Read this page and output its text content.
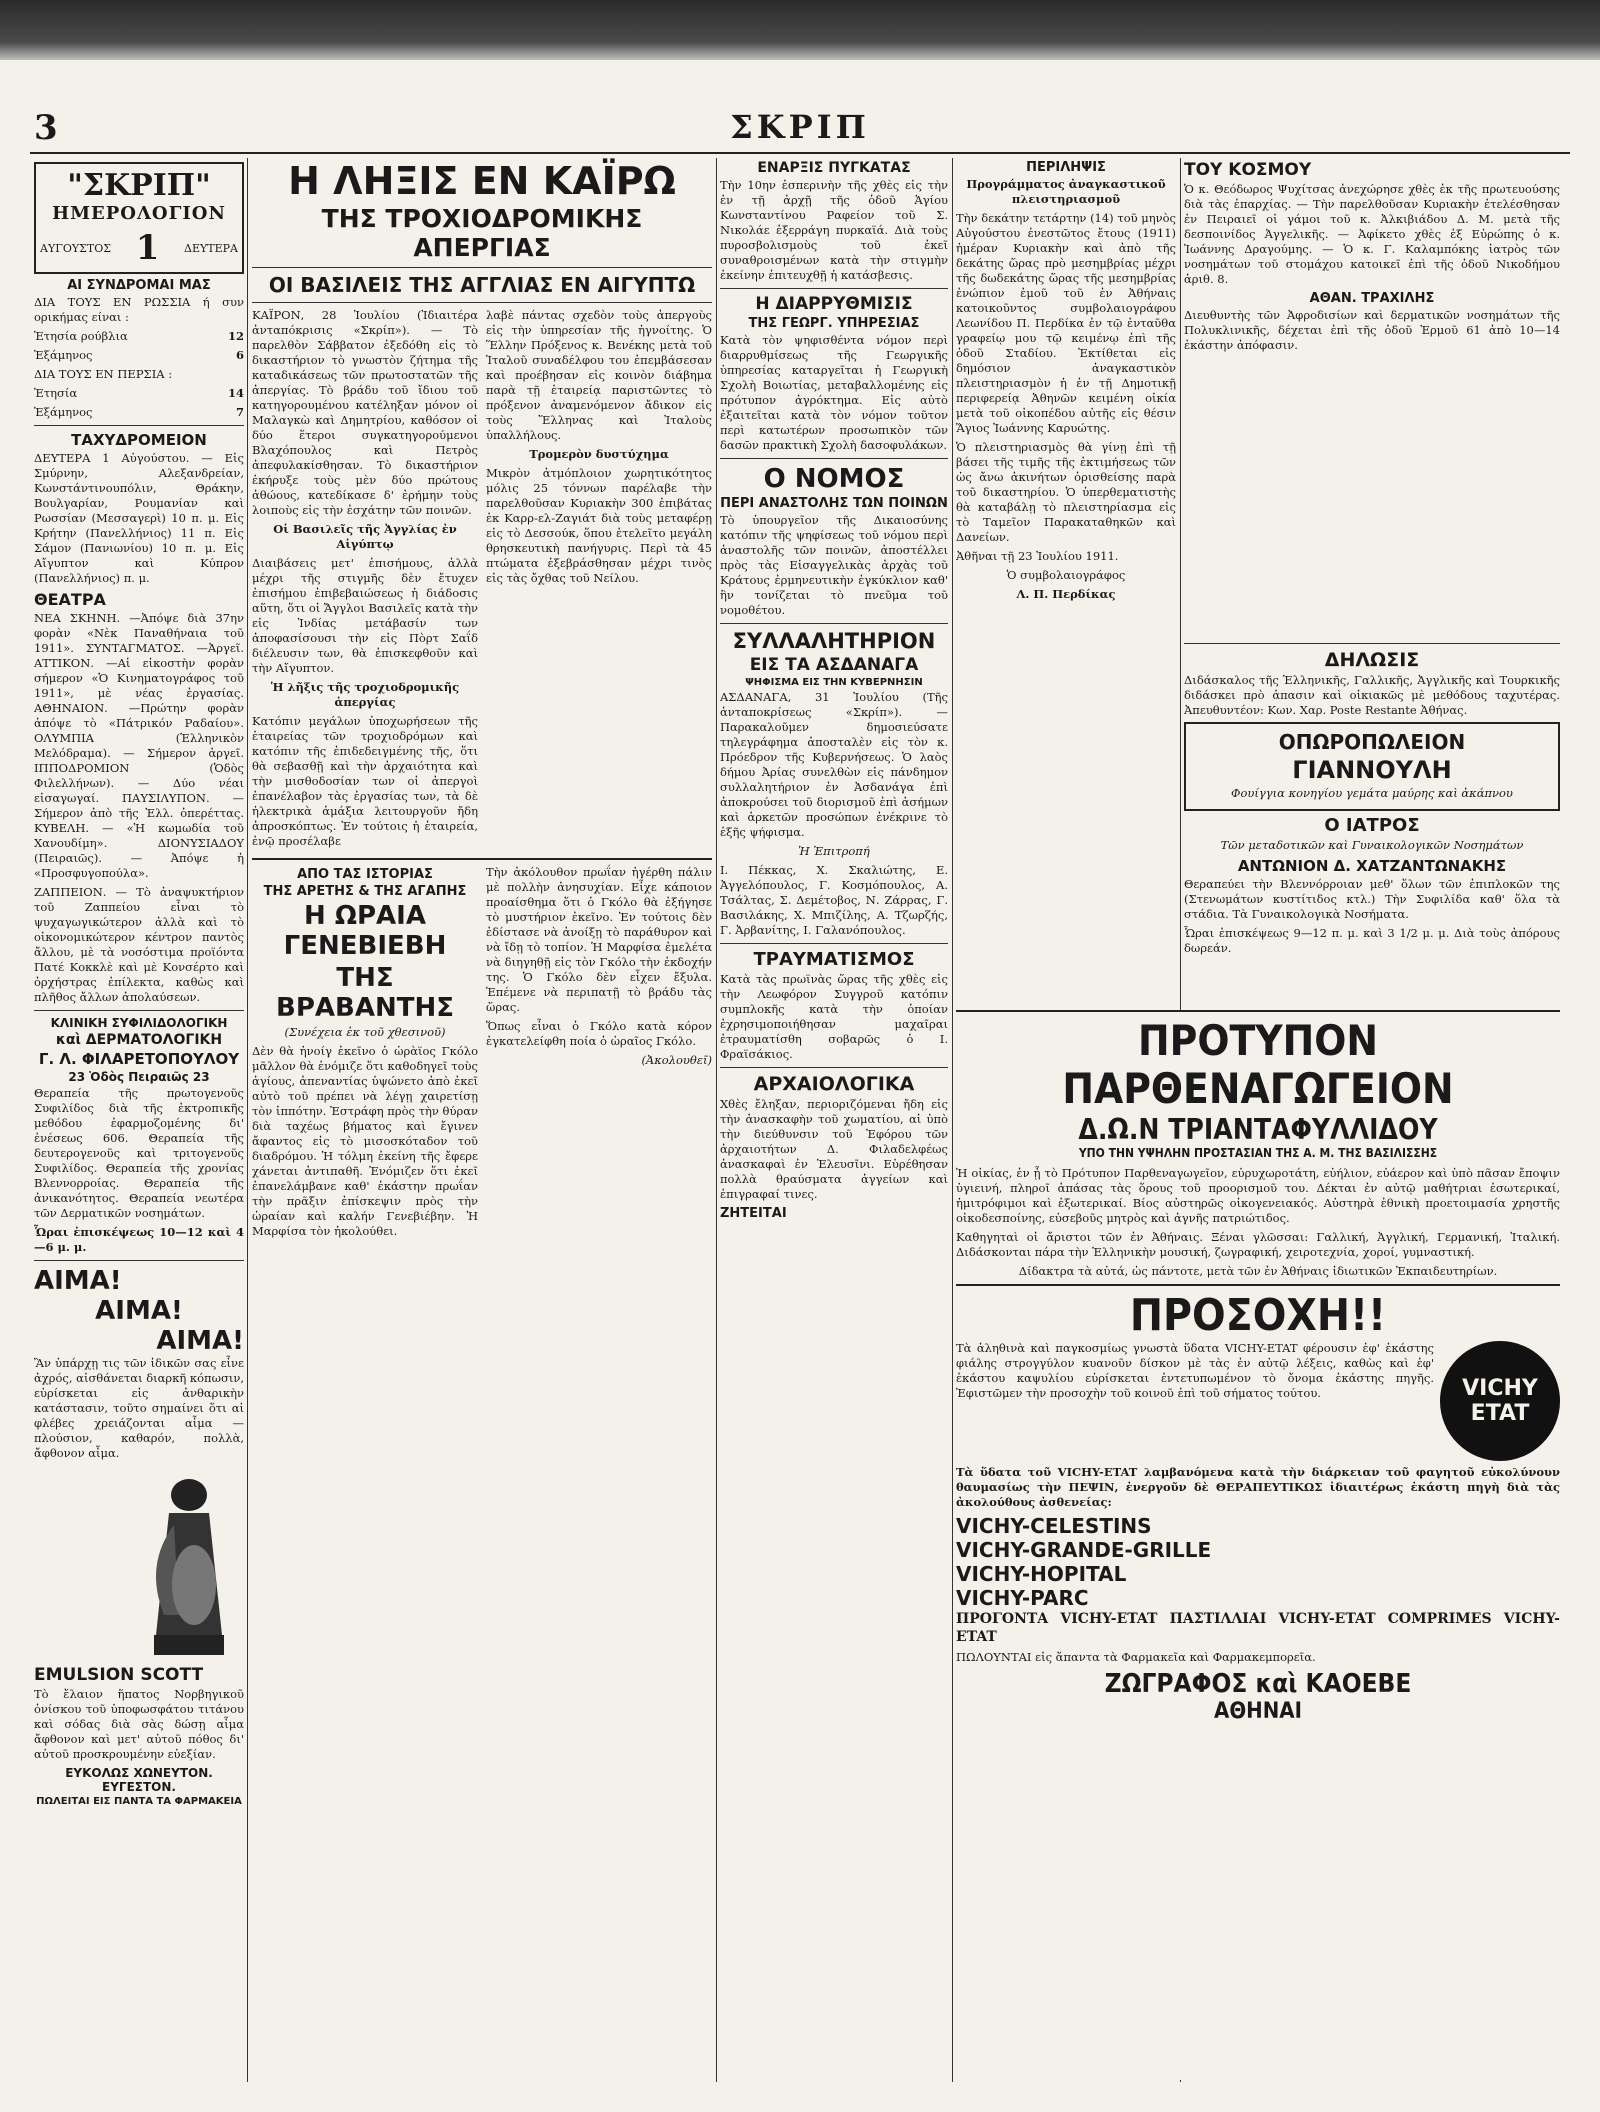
3	ΣΚΡΙΠ
"ΣΚΡΙΠ"
ΗΜΕΡΟΛΟΓΙΟΝ
ΑΥΓΟΥΣΤΟΣ 1 ΔΕΥΤΕΡΑ
ΑΙ ΣΥΝΔΡΟΜΑΙ ΜΑΣ

ΔΙΑ ΤΟΥΣ ΕΝ ΡΩΣΣΙΑ ή συν ορικήμας είναι :

Ἐτησία ρούβλια	12
Ἑξάμηνος	6

ΔΙΑ ΤΟΥΣ ΕΝ ΠΕΡΣΙΑ :

Ἐτησία	14
Ἑξάμηνος	7
ΤΑΧΥΔΡΟΜΕΙΟΝ

ΔΕΥΤΕΡΑ 1 Αὐγούστου. — Εἰς Σμύρνην, Αλεξανδρείαν, Κωνστάντινουπόλιν, Θράκην, Βουλγαρίαν, Ρουμανίαν καὶ Ρωσσίαν (Μεσσαγερὶ) 10 π. μ. Εἰς Κρήτην (Πανελλήνιος) 11 π. Εἰς Σάμον (Πανιωνίου) 10 π. μ. Εἰς Αἴγυπτον καὶ Κύπρον (Πανελλήνιος) π. μ.

ΘΕΑΤΡΑ

ΝΕΑ ΣΚΗΝΗ. —Ἀπόψε διὰ 37ην φορὰν «Νὲκ Παναθήναια τοῦ 1911». ΣΥΝΤΑΓΜΑΤΟΣ. —Ἀργεῖ. ΑΤΤΙΚΟΝ. —Αἱ εἰκοστὴν φορὰν σήμερον «Ὁ Κινηματογράφος τοῦ 1911», μὲ νέας ἐργασίας. ΑΘΗΝΑΙΟΝ. —Πρώτην φορὰν ἀπόψε τὸ «Πάτρικόν Ραδαίου». ΟΛΥΜΠΙΑ (Ἑλληνικὸν Μελόδραμα). — Σήμερον ἀργεῖ. ΙΠΠΟΔΡΟΜΙΟΝ (Ὁδὸς Φιλελλήνων). — Δύο νέαι εἰσαγωγαί. ΠΑΥΣΙΛΥΠΟΝ. —Σήμερον ἀπὸ τῆς Ἑλλ. ὀπερέττας. ΚΥΒΕΛΗ. — «Ἡ κωμωδία τοῦ Χανουδίμη». ΔΙΟΝΥΣΙΑΔΟΥ (Πειραιῶς). — Ἀπόψε ἡ «Προσφυγοπούλα».

ΖΑΠΠΕΙΟΝ. — Τὸ ἀναψυκτήριον τοῦ Ζαππείου εἶναι τὸ ψυχαγωγικώτερον ἀλλὰ καὶ τὸ οἰκονομικώτερον κέντρον παντὸς ἄλλου, μὲ τὰ νοσόστιμα προϊόντα Πατέ Κοκκλὲ καὶ μὲ Κονσέρτο καὶ ὀρχήστρας ἐπίλεκτα, καθὼς καὶ πλῆθος ἄλλων ἀπολαύσεων.

ΚΛΙΝΙΚΗ ΣΥΦΙΛΙΔΟΛΟΓΙΚΗ
καὶ ΔΕΡΜΑΤΟΛΟΓΙΚΗ
Γ. Λ. ΦΙΛΑΡΕΤΟΠΟΥΛΟΥ
23 Ὁδὸς Πειραιῶς 23

Θεραπεία τῆς πρωτογενοῦς Συφιλίδος διὰ τῆς ἐκτροπικῆς μεθόδου ἐφαρμοζομένης δι' ἐνέσεως 606. Θεραπεία τῆς δευτερογενοῦς καὶ τριτογενοῦς Συφιλίδος. Θεραπεία τῆς χρονίας Βλεννορροίας. Θεραπεία τῆς ἀνικανότητος. Θεραπεία νεωτέρα τῶν Δερματικῶν νοσημάτων.

Ὧραι ἐπισκέψεως 10—12 καὶ 4—6 μ. μ.

ΑΙΜΑ!
ΑΙΜΑ!
ΑΙΜΑ!

Ἂν ὑπάρχῃ τις τῶν ἰδικῶν σας εἶνε ἀχρός, αἰσθάνεται διαρκῆ κόπωσιν, εὑρίσκεται εἰς ἀνθαρικὴν κατάστασιν, τοῦτο σημαίνει ὅτι αἱ φλέβες χρειάζονται αἷμα — πλούσιον, καθαρόν, πολλὰ, ἄφθονον αἷμα.

EMULSION SCOTT

Τὸ ἔλαιον ἥπατος Νορβηγικοῦ ὀνίσκου τοῦ ὑποφωσφάτου τιτάνου καὶ σόδας διὰ σὰς δώσῃ αἷμα ἄφθονον καὶ μετ' αὐτοῦ πόθος δι' αὐτοῦ προσκρουμένην εὐεξίαν.

ΕΥΚΟΛΩΣ ΧΩΝΕΥΤΟΝ. ΕΥΓΕΣΤΟΝ.
ΠΩΛΕΙΤΑΙ ΕΙΣ ΠΑΝΤΑ ΤΑ ΦΑΡΜΑΚΕΙΑ
Η ΛΗΞΙΣ ΕΝ ΚΑΪΡΩ
ΤΗΣ ΤΡΟΧΙΟΔΡΟΜΙΚΗΣ ΑΠΕΡΓΙΑΣ
ΟΙ ΒΑΣΙΛΕΙΣ ΤΗΣ ΑΓΓΛΙΑΣ ΕΝ ΑΙΓΥΠΤΩ

ΚΑΪΡΟΝ, 28 Ἰουλίου (Ἰδιαιτέρα ἀνταπόκρισις «Σκρίπ»). — Τὸ παρελθὸν Σάββατον ἐξεδόθη εἰς τὸ δικαστήριον τὸ γνωστὸν ζήτημα τῆς καταδικάσεως τῶν πρωτοστατῶν τῆς ἀπεργίας. Τὸ βράδυ τοῦ ἴδιου τοῦ κατηγορουμένου κατέληξαν μόνον οἱ Μαλαγκὼ καὶ Δημητρίου, καθόσον οἱ δύο ἕτεροι συγκατηγορούμενοι Βλαχόπουλος καὶ Πετρὸς ἀπεφυλακίσθησαν. Τὸ δικαστήριον ἐκήρυξε τοὺς μὲν δύο πρώτους ἀθώους, κατεδίκασε δ' ἐρήμην τοὺς λοιποὺς εἰς τὴν ἐσχάτην τῶν ποινῶν.

Οἱ Βασιλεῖς τῆς Ἀγγλίας ἐν Αἰγύπτῳ

Διαιβάσεις μετ' ἐπισήμους, ἀλλὰ μέχρι τῆς στιγμῆς δὲν ἔτυχεν ἐπισήμου ἐπιβεβαιώσεως ἡ διάδοσις αὕτη, ὅτι οἱ Ἄγγλοι Βασιλεῖς κατὰ τὴν εἰς Ἰνδίας μετάβασίν των ἀποφασίσουσι τὴν εἰς Πὸρτ Σαΐδ διέλευσιν των, θὰ ἐπισκεφθοῦν καὶ τὴν Αἴγυπτον.

Ἡ λῆξις τῆς τροχιοδρομικῆς ἀπεργίας

Κατόπιν μεγάλων ὑποχωρήσεων τῆς ἑταιρείας τῶν τροχιοδρόμων καὶ κατόπιν τῆς ἐπιδεδειγμένης τῆς, ὅτι θὰ σεβασθῇ καὶ τὴν ἀρχαιότητα καὶ τὴν μισθοδοσίαν των οἱ ἀπεργοὶ ἐπανέλαβον τὰς ἐργασίας των, τὰ δὲ ἠλεκτρικὰ ἁμάξια λειτουργοῦν ἤδη ἀπροσκόπτως. Ἐν τούτοις ἡ ἑταιρεία, ἐνῷ προσέλαβε

λαβὲ πάντας σχεδὸν τοὺς ἀπεργοὺς εἰς τὴν ὑπηρεσίαν τῆς ἡγνοίτης. Ὁ Ἕλλην Πρόξενος κ. Βενέκης μετὰ τοῦ Ἰταλοῦ συναδέλφου του ἐπεμβάσεσαν καὶ προέβησαν εἰς κοινὸν διάβημα παρὰ τῇ ἑταιρείᾳ παριστῶντες τὸ πρόξενον ἀναμενόμενον ἄδικον εἰς τοὺς Ἕλληνας καὶ Ἰταλοὺς ὑπαλλήλους.

Τρομερὸν δυστύχημα

Μικρὸν ἀτμόπλοιον χωρητικότητος μόλις 25 τόννων παρέλαβε τὴν παρελθοῦσαν Κυριακὴν 300 ἐπιβάτας ἐκ Καρρ-ελ-Ζαγιάτ διὰ τοὺς μεταφέρῃ εἰς τὸ Δεσσούκ, ὅπου ἐτελεῖτο μεγάλη θρησκευτικὴ πανήγυρις. Περὶ τὰ 45 πτώματα ἐξεβράσθησαν μέχρι τινὸς εἰς τὰς ὄχθας τοῦ Νείλου.

ΑΠΟ ΤΑΣ ΙΣΤΟΡΙΑΣ
ΤΗΣ ΑΡΕΤΗΣ & ΤΗΣ ΑΓΑΠΗΣ
Η ΩΡΑΙΑ ΓΕΝΕΒΙΕΒΗ
ΤΗΣ ΒΡΑΒΑΝΤΗΣ

(Συνέχεια ἐκ τοῦ χθεσινοῦ)

Δὲν θὰ ἠνοίγ ἐκεῖνο ὁ ὠρὰϊος Γκόλο μᾶλλον θὰ ἐνόμιζε ὅτι καθοδηγεῖ τοὺς ἀγίους, ἀπεναντίας ὑψώνετο ἀπὸ ἐκεῖ αὐτὸ τοῦ πρέπει νὰ λέγῃ χαιρετίσῃ τὸν ἱππότην. Ἐστράφη πρὸς τὴν θύραν διὰ ταχέως βήματος καὶ ἔγινεν ἄφαντος εἰς τὸ μισοσκόταδον τοῦ διαδρόμου. Ἡ τόλμη ἐκείνη τῆς ἔφερε χάνεται ἀντιπαθῆ. Ἐνόμιζεν ὅτι ἐκεῖ ἐπανελάμβανε καθ' ἑκάστην πρωΐαν τὴν πρᾶξιν ἐπίσκεψιν πρὸς τὴν ὡραίαν καὶ καλήν Γενεβιέβην. Ἡ Μαρφίσα τὸν ἠκολούθει.

Τὴν ἀκόλουθον πρωΐαν ἠγέρθη πάλιν μὲ πολλὴν ἀνησυχίαν. Εἶχε κάποιον προαίσθημα ὅτι ὁ Γκόλο θὰ ἐξήγησε τὸ μυστήριον ἐκεῖνο. Ἐν τούτοις δὲν ἐδίστασε νὰ ἀνοίξῃ τὸ παράθυρον καὶ νὰ ἴδῃ τὸ τοπίον. Ἡ Μαρφίσα ἐμελέτα νὰ διηγηθῇ εἰς τὸν Γκόλο τὴν ἐκδοχήν της. Ὁ Γκόλο δὲν εἶχεν ἔξυλα. Ἐπέμενε νὰ περιπατῇ τὸ βράδυ τὰς ὥρας.

Ὅπως εἶναι ὁ Γκόλο κατὰ κόρον ἐγκατελείφθη ποία ὁ ὡραῖος Γκόλο.

(Ἀκολουθεῖ)

ΕΝΑΡΞΙΣ ΠΥΓΚΑΤΑΣ

Τὴν 10ην ἐσπερινὴν τῆς χθὲς εἰς τὴν ἐν τῇ ἀρχῇ τῆς ὁδοῦ Ἁγίου Κωνσταντίνου Ραφείον τοῦ Σ. Νικολάε ἐξερράγη πυρκαϊά. Διὰ τοὺς πυροσβολισμοὺς τοῦ ἐκεῖ συναθροισμένων κατὰ τὴν στιγμὴν ἐκείνην ἐπιτευχθῇ ἡ κατάσβεσις.

Η ΔΙΑΡΡΥΘΜΙΣΙΣ
ΤΗΣ ΓΕΩΡΓ. ΥΠΗΡΕΣΙΑΣ

Κατὰ τὸν ψηφισθέντα νόμον περὶ διαρρυθμίσεως τῆς Γεωργικῆς ὑπηρεσίας καταργεῖται ἡ Γεωργικὴ Σχολὴ Βοιωτίας, μεταβαλλομένης εἰς πρότυπον ἀγρόκτημα. Εἰς αὐτὸ ἐξαιτεῖται κατὰ τὸν νόμον τοῦτον περὶ κατωτέρων προσωπικὸν τῶν δασῶν πρακτικὴ Σχολὴ δασοφυλάκων.

Ο ΝΟΜΟΣ
ΠΕΡΙ ΑΝΑΣΤΟΛΗΣ ΤΩΝ ΠΟΙΝΩΝ

Τὸ ὑπουργεῖον τῆς Δικαιοσύνης κατόπιν τῆς ψηφίσεως τοῦ νόμου περὶ ἀναστολῆς τῶν ποινῶν, ἀποστέλλει πρὸς τὰς Εἰσαγγελικὰς ἀρχὰς τοῦ Κράτους ἐρμηνευτικὴν ἐγκύκλιον καθ' ἣν τονίζεται τὸ πνεῦμα τοῦ νομοθέτου.

ΣΥΛΛΑΛΗΤΗΡΙΟΝ
ΕΙΣ ΤΑ ΑΣΔΑΝΑΓΑ
ΨΗΦΙΣΜΑ ΕΙΣ ΤΗΝ ΚΥΒΕΡΝΗΣΙΝ

ΑΣΔΑΝΑΓΑ, 31 Ἰουλίου (Τῆς ἀνταποκρίσεως «Σκρίπ»). — Παρακαλοῦμεν δημοσιεύσατε τηλεγράφημα ἀποσταλὲν εἰς τὸν κ. Πρόεδρον τῆς Κυβερνήσεως. Ὁ λαὸς δήμου Ἀρίας συνελθὼν εἰς πάνδημον συλλαλητήριον ἐν Ἀσδανάγα ἐπὶ ἀποκρούσει τοῦ διορισμοῦ ἐπὶ ἀσήμων καὶ ἀρκετῶν προσώπων ἐνέκρινε τὸ ἑξῆς ψήφισμα.

Ἡ Ἐπιτροπή

Ι. Πέκκας, Χ. Σκαλιώτης, Ε. Ἀγγελόπουλος, Γ. Κοσμόπουλος, Α. Τσάλτας, Σ. Δεμέτοβος, Ν. Ζάρρας, Γ. Βασιλάκης, Χ. Μπιζίλης, Α. Τζωρζής, Γ. Ἀρβανίτης, Ι. Γαλανόπουλος.

ΤΡΑΥΜΑΤΙΣΜΟΣ

Κατὰ τὰς πρωϊνὰς ὥρας τῆς χθὲς εἰς τὴν Λεωφόρον Συγγροῦ κατόπιν συμπλοκῆς κατὰ τὴν ὁποίαν ἐχρησιμοποιήθησαν μαχαῖραι ἐτραυματίσθη σοβαρῶς ὁ Ι. Φραϊσάκιος.

ΑΡΧΑΙΟΛΟΓΙΚΑ

Χθὲς ἔληξαν, περιοριζόμεναι ἤδη εἰς τὴν ἀνασκαφὴν τοῦ χωματίου, αἱ ὑπὸ τὴν διεύθυνσιν τοῦ Ἐφόρου τῶν ἀρχαιοτήτων Δ. Φιλαδελφέως ἀνασκαφαὶ ἐν Ἐλευσῖνι. Εὑρέθησαν πολλὰ θραύσματα ἀγγείων καὶ ἐπιγραφαί τινες.

ΖΗΤΕΙΤΑΙ
ΠΕΡΙΛΗΨΙΣ
Προγράμματος ἀναγκαστικοῦ πλειστηριασμοῦ

Τὴν δεκάτην τετάρτην (14) τοῦ μηνὸς Αὐγούστου ἐνεστῶτος ἔτους (1911) ἡμέραν Κυριακὴν καὶ ἀπὸ τῆς δεκάτης ὥρας πρὸ μεσημβρίας μέχρι τῆς δωδεκάτης ὥρας τῆς μεσημβρίας ἐνώπιον ἐμοῦ τοῦ ἐν Ἀθήναις κατοικοῦντος συμβολαιογράφου Λεωνίδου Π. Περδίκα ἐν τῷ ἐνταῦθα γραφείῳ μου τῷ κειμένῳ ἐπὶ τῆς ὁδοῦ Σταδίου. Ἐκτίθεται εἰς δημόσιον ἀναγκαστικὸν πλειστηριασμὸν ἡ ἐν τῇ Δημοτικῇ περιφερείᾳ Ἀθηνῶν κειμένη οἰκία μετὰ τοῦ οἰκοπέδου αὐτῆς εἰς θέσιν Ἅγιος Ἰωάννης Καρυώτης.

Ὁ πλειστηριασμὸς θὰ γίνῃ ἐπὶ τῇ βάσει τῆς τιμῆς τῆς ἐκτιμήσεως τῶν ὡς ἄνω ἀκινήτων ὁρισθείσης παρὰ τοῦ δικαστηρίου. Ὁ ὑπερθεματιστὴς θὰ καταβάλῃ τὸ πλειστηρίασμα εἰς τὸ Ταμεῖον Παρακαταθηκῶν καὶ Δανείων.

Ἀθῆναι τῇ 23 Ἰουλίου 1911.

Ὁ συμβολαιογράφος

Λ. Π. Περδίκας

ΤΟΥ ΚΟΣΜΟΥ

Ὁ κ. Θεόδωρος Ψυχίτσας ἀνεχώρησε χθὲς ἐκ τῆς πρωτευούσης διὰ τὰς ἐπαρχίας. — Τὴν παρελθοῦσαν Κυριακὴν ἐτελέσθησαν ἐν Πειραιεῖ οἱ γάμοι τοῦ κ. Ἀλκιβιάδου Δ. Μ. μετὰ τῆς δεσποινίδος Ἀγγελικῆς. — Ἀφίκετο χθὲς ἐξ Εὐρώπης ὁ κ. Ἰωάννης Δραγούμης. — Ὁ κ. Γ. Καλαμπόκης ἰατρὸς τῶν νοσημάτων τοῦ στομάχου κατοικεῖ ἐπὶ τῆς ὁδοῦ Νικοδήμου ἀριθ. 8.

ΑΘΑΝ. ΤΡΑΧΙΛΗΣ

Διευθυντὴς τῶν Ἀφροδισίων καὶ δερματικῶν νοσημάτων τῆς Πολυκλινικῆς, δέχεται ἐπὶ τῆς ὁδοῦ Ἑρμοῦ 61 ἀπὸ 10—14 ἐκάστην ἀπόφασιν.

ΔΗΛΩΣΙΣ

Διδάσκαλος τῆς Ἑλληνικῆς, Γαλλικῆς, Ἀγγλικῆς καὶ Τουρκικῆς διδάσκει πρὸ ἀπασιν καὶ οἰκιακῶς μὲ μεθόδους ταχυτέρας. Ἀπευθυντέον: Κων. Χαρ. Poste Restante Ἀθήνας.

ΟΠΩΡΟΠΩΛΕΙΟΝ
ΓΙΑΝΝΟΥΛΗ
Φουίγγια κονηγίου γεμάτα μαύρης καὶ ἀκάπνου
Ο ΙΑΤΡΟΣ
Τῶν μεταδοτικῶν καὶ Γυναικολογικῶν Νοσημάτων
ΑΝΤΩΝΙΟΝ Δ. ΧΑΤΖΑΝΤΩΝΑΚΗΣ

Θεραπεύει τὴν Βλεννόρροιαν μεθ' ὅλων τῶν ἐπιπλοκῶν της (Στενωμάτων κυστίτιδος κτλ.) Τὴν Συφιλίδα καθ' ὅλα τὰ στάδια. Τὰ Γυναικολογικὰ Νοσήματα.

Ὧραι ἐπισκέψεως 9—12 π. μ. καὶ 3 1/2 μ. μ. Διὰ τοὺς ἀπόρους δωρεάν.

ΠΡΟΤΥΠΟΝ ΠΑΡΘΕΝΑΓΩΓΕΙΟΝ
Δ.Ω.Ν ΤΡΙΑΝΤΑΦΥΛΛΙΔΟΥ
ΥΠΟ ΤΗΝ ΥΨΗΛΗΝ ΠΡΟΣΤΑΣΙΑΝ ΤΗΣ Α. Μ. ΤΗΣ ΒΑΣΙΛΙΣΣΗΣ

Ἡ οἰκίας, ἐν ᾗ τὸ Πρότυπον Παρθεναγωγεῖον, εὐρυχωροτάτη, εὐήλιον, εὐάερον καὶ ὑπὸ πᾶσαν ἔποψιν ὑγιεινή, πληροῖ ἁπάσας τὰς ὅρους τοῦ προορισμοῦ του. Δέκται ἐν αὐτῷ μαθήτριαι ἐσωτερικαί, ἡμιτρόφιμοι καὶ ἐξωτερικαί. Βίος αὐστηρῶς οἰκογενειακός. Αὐστηρὰ ἐθνικὴ προετοιμασία χρηστῆς οἰκοδεσποίνης, εὐσεβοῦς μητρὸς καὶ ἀγνῆς πατριώτιδος.

Καθηγηταὶ οἱ ἄριστοι τῶν ἐν Ἀθήναις. Ξέναι γλῶσσαι: Γαλλική, Ἀγγλική, Γερμανική, Ἰταλική. Διδάσκονται πάρα τὴν Ἐλληνικὴν μουσική, ζωγραφική, χειροτεχνία, χοροί, γυμναστική.

Δίδακτρα τὰ αὐτά, ὡς πάντοτε, μετὰ τῶν ἐν Ἀθήναις ἰδιωτικῶν Ἐκπαιδευτηρίων.

ΠΡΟΣΟΧΗ!!
VICHY
ETAT

Τὰ ἀληθινὰ καὶ παγκοσμίως γνωστὰ ὕδατα VICHY-ETAT φέρουσιν ἐφ' ἑκάστης φιάλης στρογγύλον κυανοῦν δίσκον μὲ τὰς ἐν αὐτῷ λέξεις, καθὼς καὶ ἐφ' ἑκάστου καψυλίου εὑρίσκεται ἐντετυπωμένον τὸ ὄνομα ἑκάστης πηγῆς. Ἐφιστῶμεν τὴν προσοχὴν τοῦ κοινοῦ ἐπὶ τοῦ σήματος τούτου.

Τὰ ὕδατα τοῦ VICHY-ETAT λαμβανόμενα κατὰ τὴν διάρκειαν τοῦ φαγητοῦ εὐκολύνουν θαυμασίως τὴν ΠΕΨΙΝ, ἐνεργοῦν δὲ ΘΕΡΑΠΕΥΤΙΚΩΣ ἰδιαιτέρως ἑκάστη πηγὴ διὰ τὰς ἀκολούθους ἀσθενείας:

VICHY-CELESTINS
VICHY-GRANDE-GRILLE
VICHY-HOPITAL
VICHY-PARC

ΠΡΟΓΟΝΤΑ VICHY-ETAT ΠΑΣΤΙΛΛΙΑΙ VICHY-ETAT COMPRIMES VICHY-ETAT

ΠΩΛΟΥΝΤΑΙ εἰς ἅπαντα τὰ Φαρμακεῖα καὶ Φαρμακεμπορεῖα.

ΖΩΓΡΑΦΟΣ καὶ ΚΑΟΕΒΕ
ΑΘΗΝΑΙ
